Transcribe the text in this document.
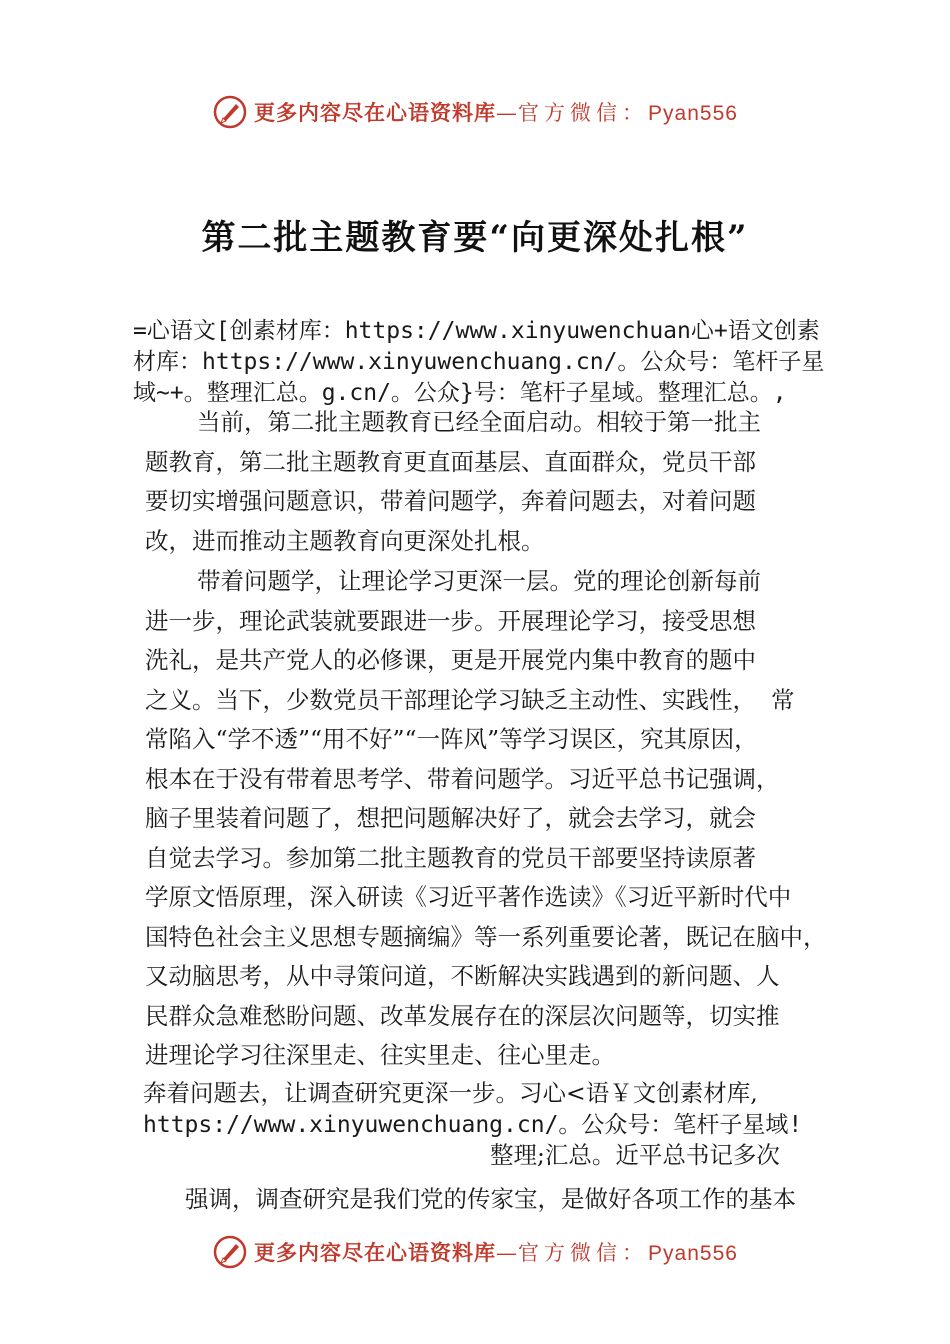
更多内容尽在心语资料库—官方微信：Pyan556
第二批主题教育要“向更深处扎根”
=心语文[创素材库：https://www.xinyuwenchuan心+语文创素
材库：https://www.xinyuwenchuang.cn/。公众号：笔杆子星
域~+。整理汇总。g.cn/。公众}号：笔杆子星域。整理汇总。,
当前，第二批主题教育已经全面启动。相较于第一批主
题教育，第二批主题教育更直面基层、直面群众，党员干部
要切实增强问题意识，带着问题学，奔着问题去，对着问题
改，进而推动主题教育向更深处扎根。
带着问题学，让理论学习更深一层。党的理论创新每前
进一步，理论武装就要跟进一步。开展理论学习，接受思想
洗礼，是共产党人的必修课，更是开展党内集中教育的题中
之义。当下，少数党员干部理论学习缺乏主动性、实践性，  常
常陷入“学不透”“用不好”“一阵风”等学习误区，究其原因，
根本在于没有带着思考学、带着问题学。习近平总书记强调，
脑子里装着问题了，想把问题解决好了，就会去学习，就会
自觉去学习。参加第二批主题教育的党员干部要坚持读原著
学原文悟原理，深入研读《习近平著作选读》《习近平新时代中
国特色社会主义思想专题摘编》等一系列重要论著，既记在脑中，
又动脑思考，从中寻策问道，不断解决实践遇到的新问题、人
民群众急难愁盼问题、改革发展存在的深层次问题等，切实推
进理论学习往深里走、往实里走、往心里走。
奔着问题去，让调查研究更深一步。习心<语￥文创素材库,
https://www.xinyuwenchuang.cn/。公众号：笔杆子星域!
整理;汇总。近平总书记多次
强调，调查研究是我们党的传家宝，是做好各项工作的基本
更多内容尽在心语资料库—官方微信：Pyan556
